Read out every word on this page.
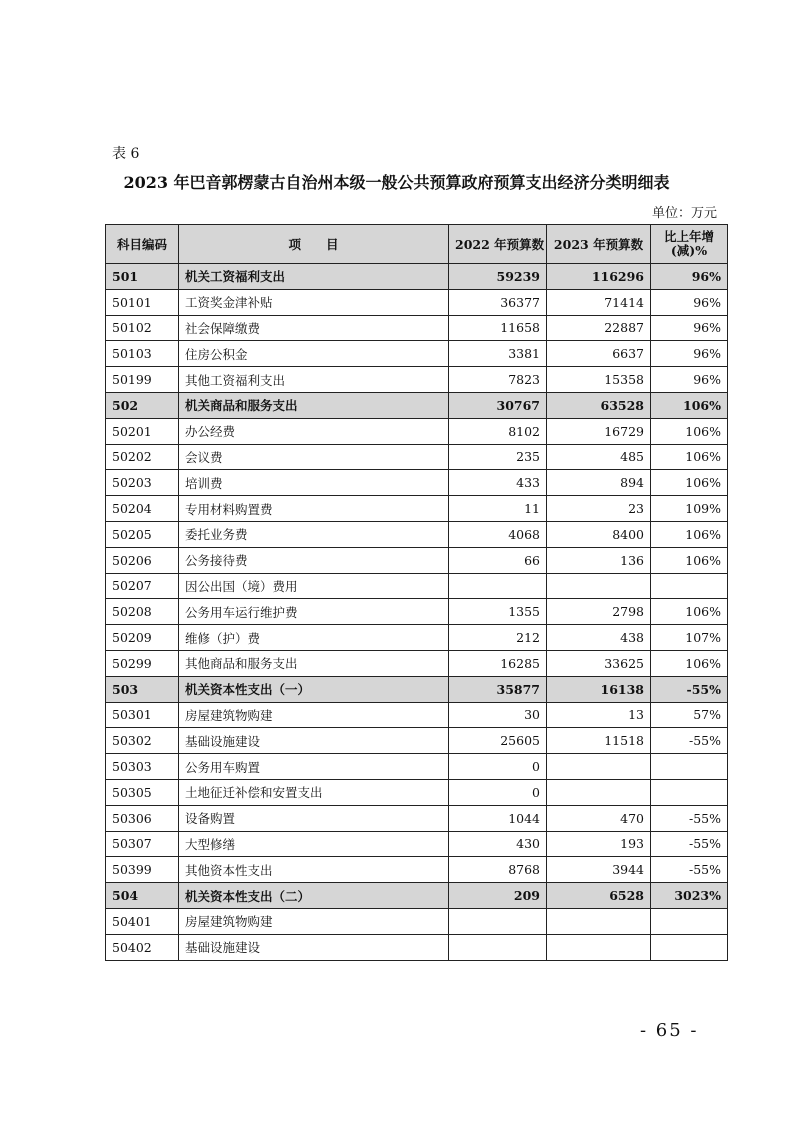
表 6
2023 年巴音郭楞蒙古自治州本级一般公共预算政府预算支出经济分类明细表
单位：万元
科目编码	项　　目	2022 年预算数	2023 年预算数	比上年增(减)%
501	机关工资福利支出	59239	116296	96%
50101	工资奖金津补贴	36377	71414	96%
50102	社会保障缴费	11658	22887	96%
50103	住房公积金	3381	6637	96%
50199	其他工资福利支出	7823	15358	96%
502	机关商品和服务支出	30767	63528	106%
50201	办公经费	8102	16729	106%
50202	会议费	235	485	106%
50203	培训费	433	894	106%
50204	专用材料购置费	11	23	109%
50205	委托业务费	4068	8400	106%
50206	公务接待费	66	136	106%
50207	因公出国（境）费用			
50208	公务用车运行维护费	1355	2798	106%
50209	维修（护）费	212	438	107%
50299	其他商品和服务支出	16285	33625	106%
503	机关资本性支出（一）	35877	16138	-55%
50301	房屋建筑物购建	30	13	57%
50302	基础设施建设	25605	11518	-55%
50303	公务用车购置	0		
50305	土地征迁补偿和安置支出	0		
50306	设备购置	1044	470	-55%
50307	大型修缮	430	193	-55%
50399	其他资本性支出	8768	3944	-55%
504	机关资本性支出（二）	209	6528	3023%
50401	房屋建筑物购建			
50402	基础设施建设			
- 65 -
